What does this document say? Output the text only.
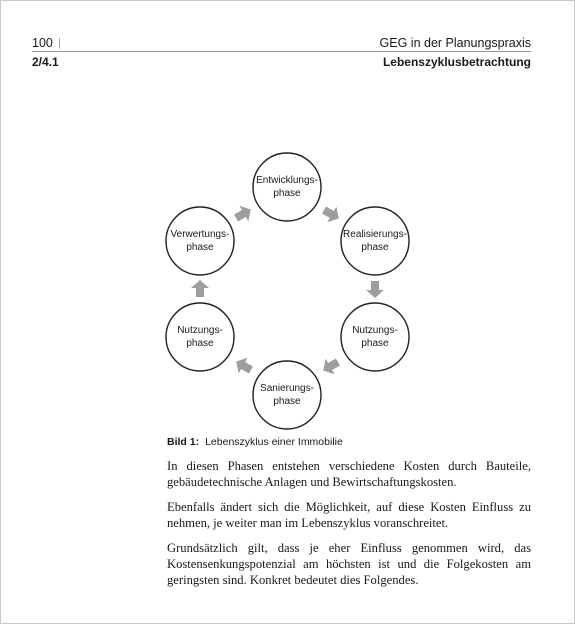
100 |	GEG in der Planungspraxis
2/4.1	Lebenszyklusbetrachtung
Entwicklungs-
phase
Realisierungs-
phase
Nutzungs-
phase
Sanierungs-
phase
Nutzungs-
phase
Verwertungs-
phase
Bild 1: Lebenszyklus einer Immobilie
In diesen Phasen entstehen verschiedene Kosten durch Bauteile, gebäudetechnische Anlagen und Bewirtschaftungskosten.
Ebenfalls ändert sich die Möglichkeit, auf diese Kosten Einfluss zu nehmen, je weiter man im Lebenszyklus voranschreitet.
Grundsätzlich gilt, dass je eher Einfluss genommen wird, das Kostensenkungspotenzial am höchsten ist und die Folgekosten am geringsten sind. Konkret bedeutet dies Folgendes.
